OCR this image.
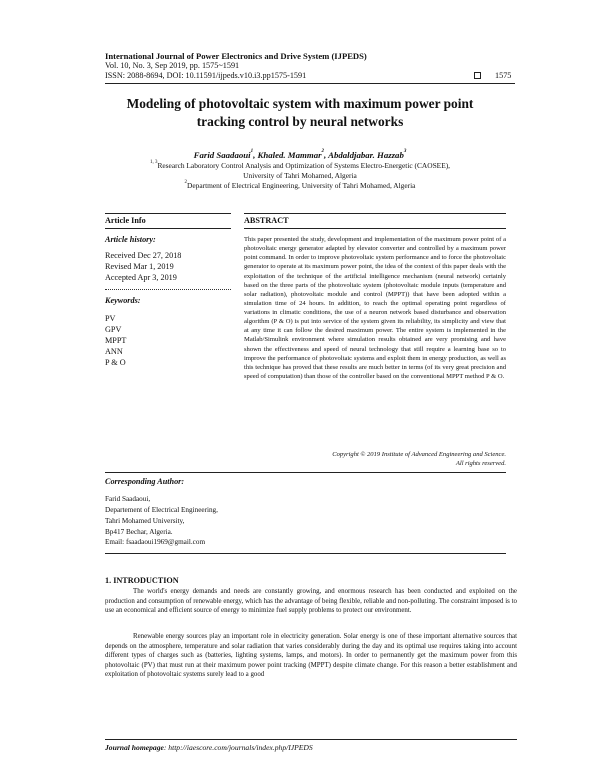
International Journal of Power Electronics and Drive System (IJPEDS)
Vol. 10, No. 3, Sep 2019, pp. 1575~1591
ISSN: 2088-8694, DOI: 10.11591/ijpeds.v10.i3.pp1575-1591	1575
Modeling of photovoltaic system with maximum power point
tracking control by neural networks
Farid Saadaoui$^1$, Khaled. Mammar$^2$, Abdaldjabar. Hazzab$^3$
$^{1, 3}$Research Laboratory Control Analysis and Optimization of Systems Electro-Energetic (CAOSEE),
University of Tahri Mohamed, Algeria
$^2$Department of Electrical Engineering, University of Tahri Mohamed, Algeria
Article Info
Article history:
Received Dec 27, 2018
Revised Mar 1, 2019
Accepted Apr 3, 2019
Keywords:
PV
GPV
MPPT
ANN
P & O
ABSTRACT
This paper presented the study, development and implementation of the maximum power point of a photovoltaic energy generator adapted by elevator converter and controlled by a maximum power point command. In order to improve photovoltaic system performance and to force the photovoltaic generator to operate at its maximum power point, the idea of the context of this paper deals with the exploitation of the technique of the artificial intelligence mechanism (neural network) certainly based on the three parts of the photovoltaic system (photovoltaic module inputs (temperature and solar radiation), photovoltaic module and control (MPPT)) that have been adopted within a simulation time of 24 hours. In addition, to reach the optimal operating point regardless of variations in climatic conditions, the use of a neuron network based disturbance and observation algorithm (P & O) is put into service of the system given its reliability, its simplicity and view that at any time it can follow the desired maximum power. The entire system is implemented in the Matlab/Simulink environment where simulation results obtained are very promising and have shown the effectiveness and speed of neural technology that still require a learning base so to improve the performance of photovoltaic systems and exploit them in energy production, as well as this technique has proved that these results are much better in terms (of its very great precision and speed of computation) than those of the controller based on the conventional MPPT method P & O.
Copyright © 2019 Institute of Advanced Engineering and Science.
All rights reserved.
Corresponding Author:
Farid Saadaoui,
Departement of Electrical Engineering,
Tahri Mohamed University,
Bp417 Bechar, Algeria.
Email: fsaadaoui1969@gmail.com
1. INTRODUCTION
The world's energy demands and needs are constantly growing, and enormous research has been conducted and exploited on the production and consumption of renewable energy, which has the advantage of being flexible, reliable and non-polluting. The constraint imposed is to use an economical and efficient source of energy to minimize fuel supply problems to protect our environment.
Renewable energy sources play an important role in electricity generation. Solar energy is one of these important alternative sources that depends on the atmosphere, temperature and solar radiation that varies considerably during the day and its optimal use requires taking into account different types of charges such as (batteries, lighting systems, lamps, and motors). In order to permanently get the maximum power from this photovoltaic (PV) that must run at their maximum power point tracking (MPPT) despite climate change. For this reason a better establishment and exploitation of photovoltaic systems surely lead to a good
Journal homepage: http://iaescore.com/journals/index.php/IJPEDS
